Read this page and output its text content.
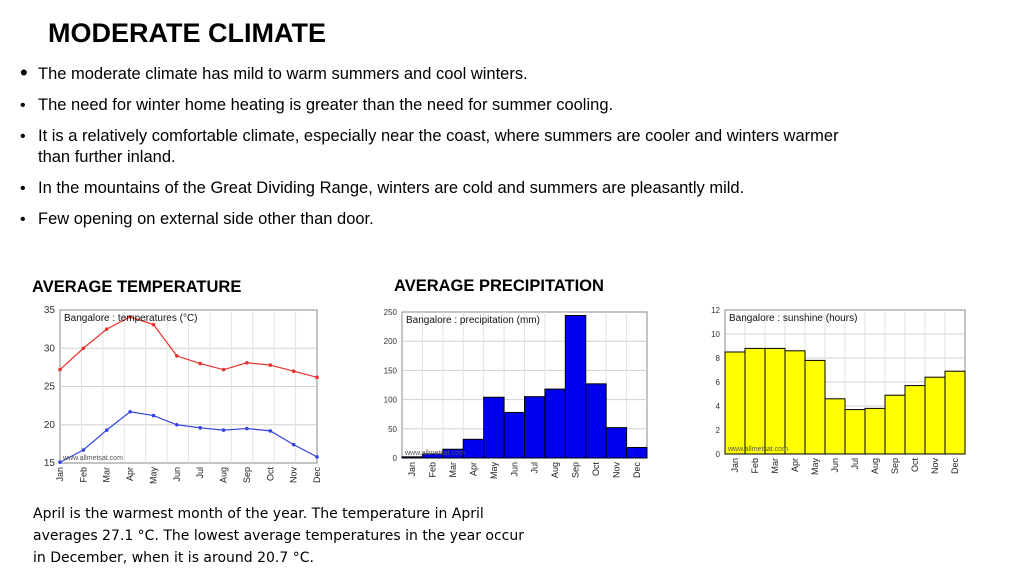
MODERATE CLIMATE
• The moderate climate has mild to warm summers and cool winters.
• The need for winter home heating is greater than the need for summer cooling.
• It is a relatively comfortable climate, especially near the coast, where summers are cooler and winters warmer than further inland.
• In the mountains of the Great Dividing Range, winters are cold and summers are pleasantly mild.
• Few opening on external side other than door.
AVERAGE TEMPERATURE	AVERAGE PRECIPITATION
15
20
25
30
35
Bangalore : temperatures (°C)
www.allmetsat.com
Jan Feb Mar Apr May Jun Jul Aug Sep Oct Nov Dec
0
50
100
150
200
250
Bangalore : precipitation (mm)
www.allmetsat.com
Jan Feb Mar Apr May Jun Jul Aug Sep Oct Nov Dec
0
2
4
6
8
10
12
Bangalore : sunshine (hours)
www.allmetsat.com
Jan Feb Mar Apr May Jun Jul Aug Sep Oct Nov Dec

April is the warmest month of the year. The temperature in April averages 27.1 °C. The lowest average temperatures in the year occur in December, when it is around 20.7 °C.
